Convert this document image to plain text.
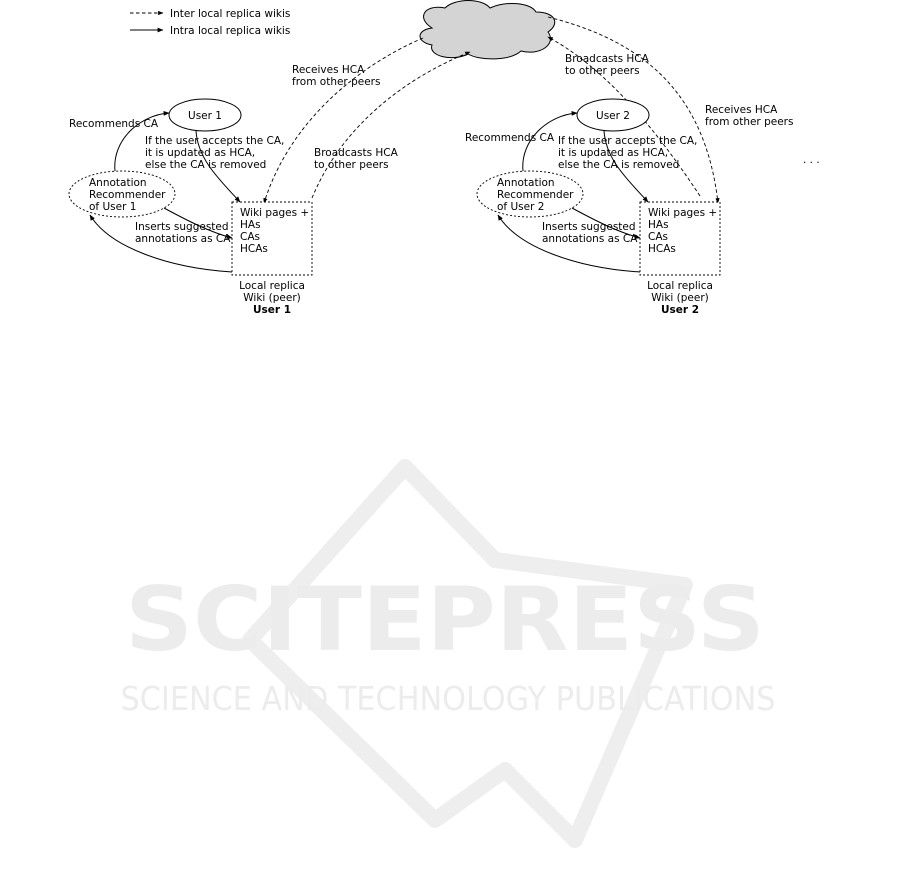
SCITEPRESS
SCIENCE AND TECHNOLOGY PUBLICATIONS
Inter local replica wikis
Intra local replica wikis
Receives HCA
from other peers
Broadcasts HCA
to other peers
Broadcasts HCA
to other peers
Receives HCA
from other peers
. . .
User 1
Annotation
Recommender
of User 1	Wiki pages +
HAs
CAs
HCAs
Recommends CA
If the user accepts the CA,
it is updated as HCA,
else the CA is removed
Inserts suggested
annotations as CA
Local replica
Wiki (peer)
User 1
User 2
Annotation
Recommender
of User 2	Wiki pages +
HAs
CAs
HCAs
Recommends CA If the user accepts the CA,
it is updated as HCA,
else the CA is removed
Inserts suggested
annotations as CA
Local replica
Wiki (peer)
User 2
